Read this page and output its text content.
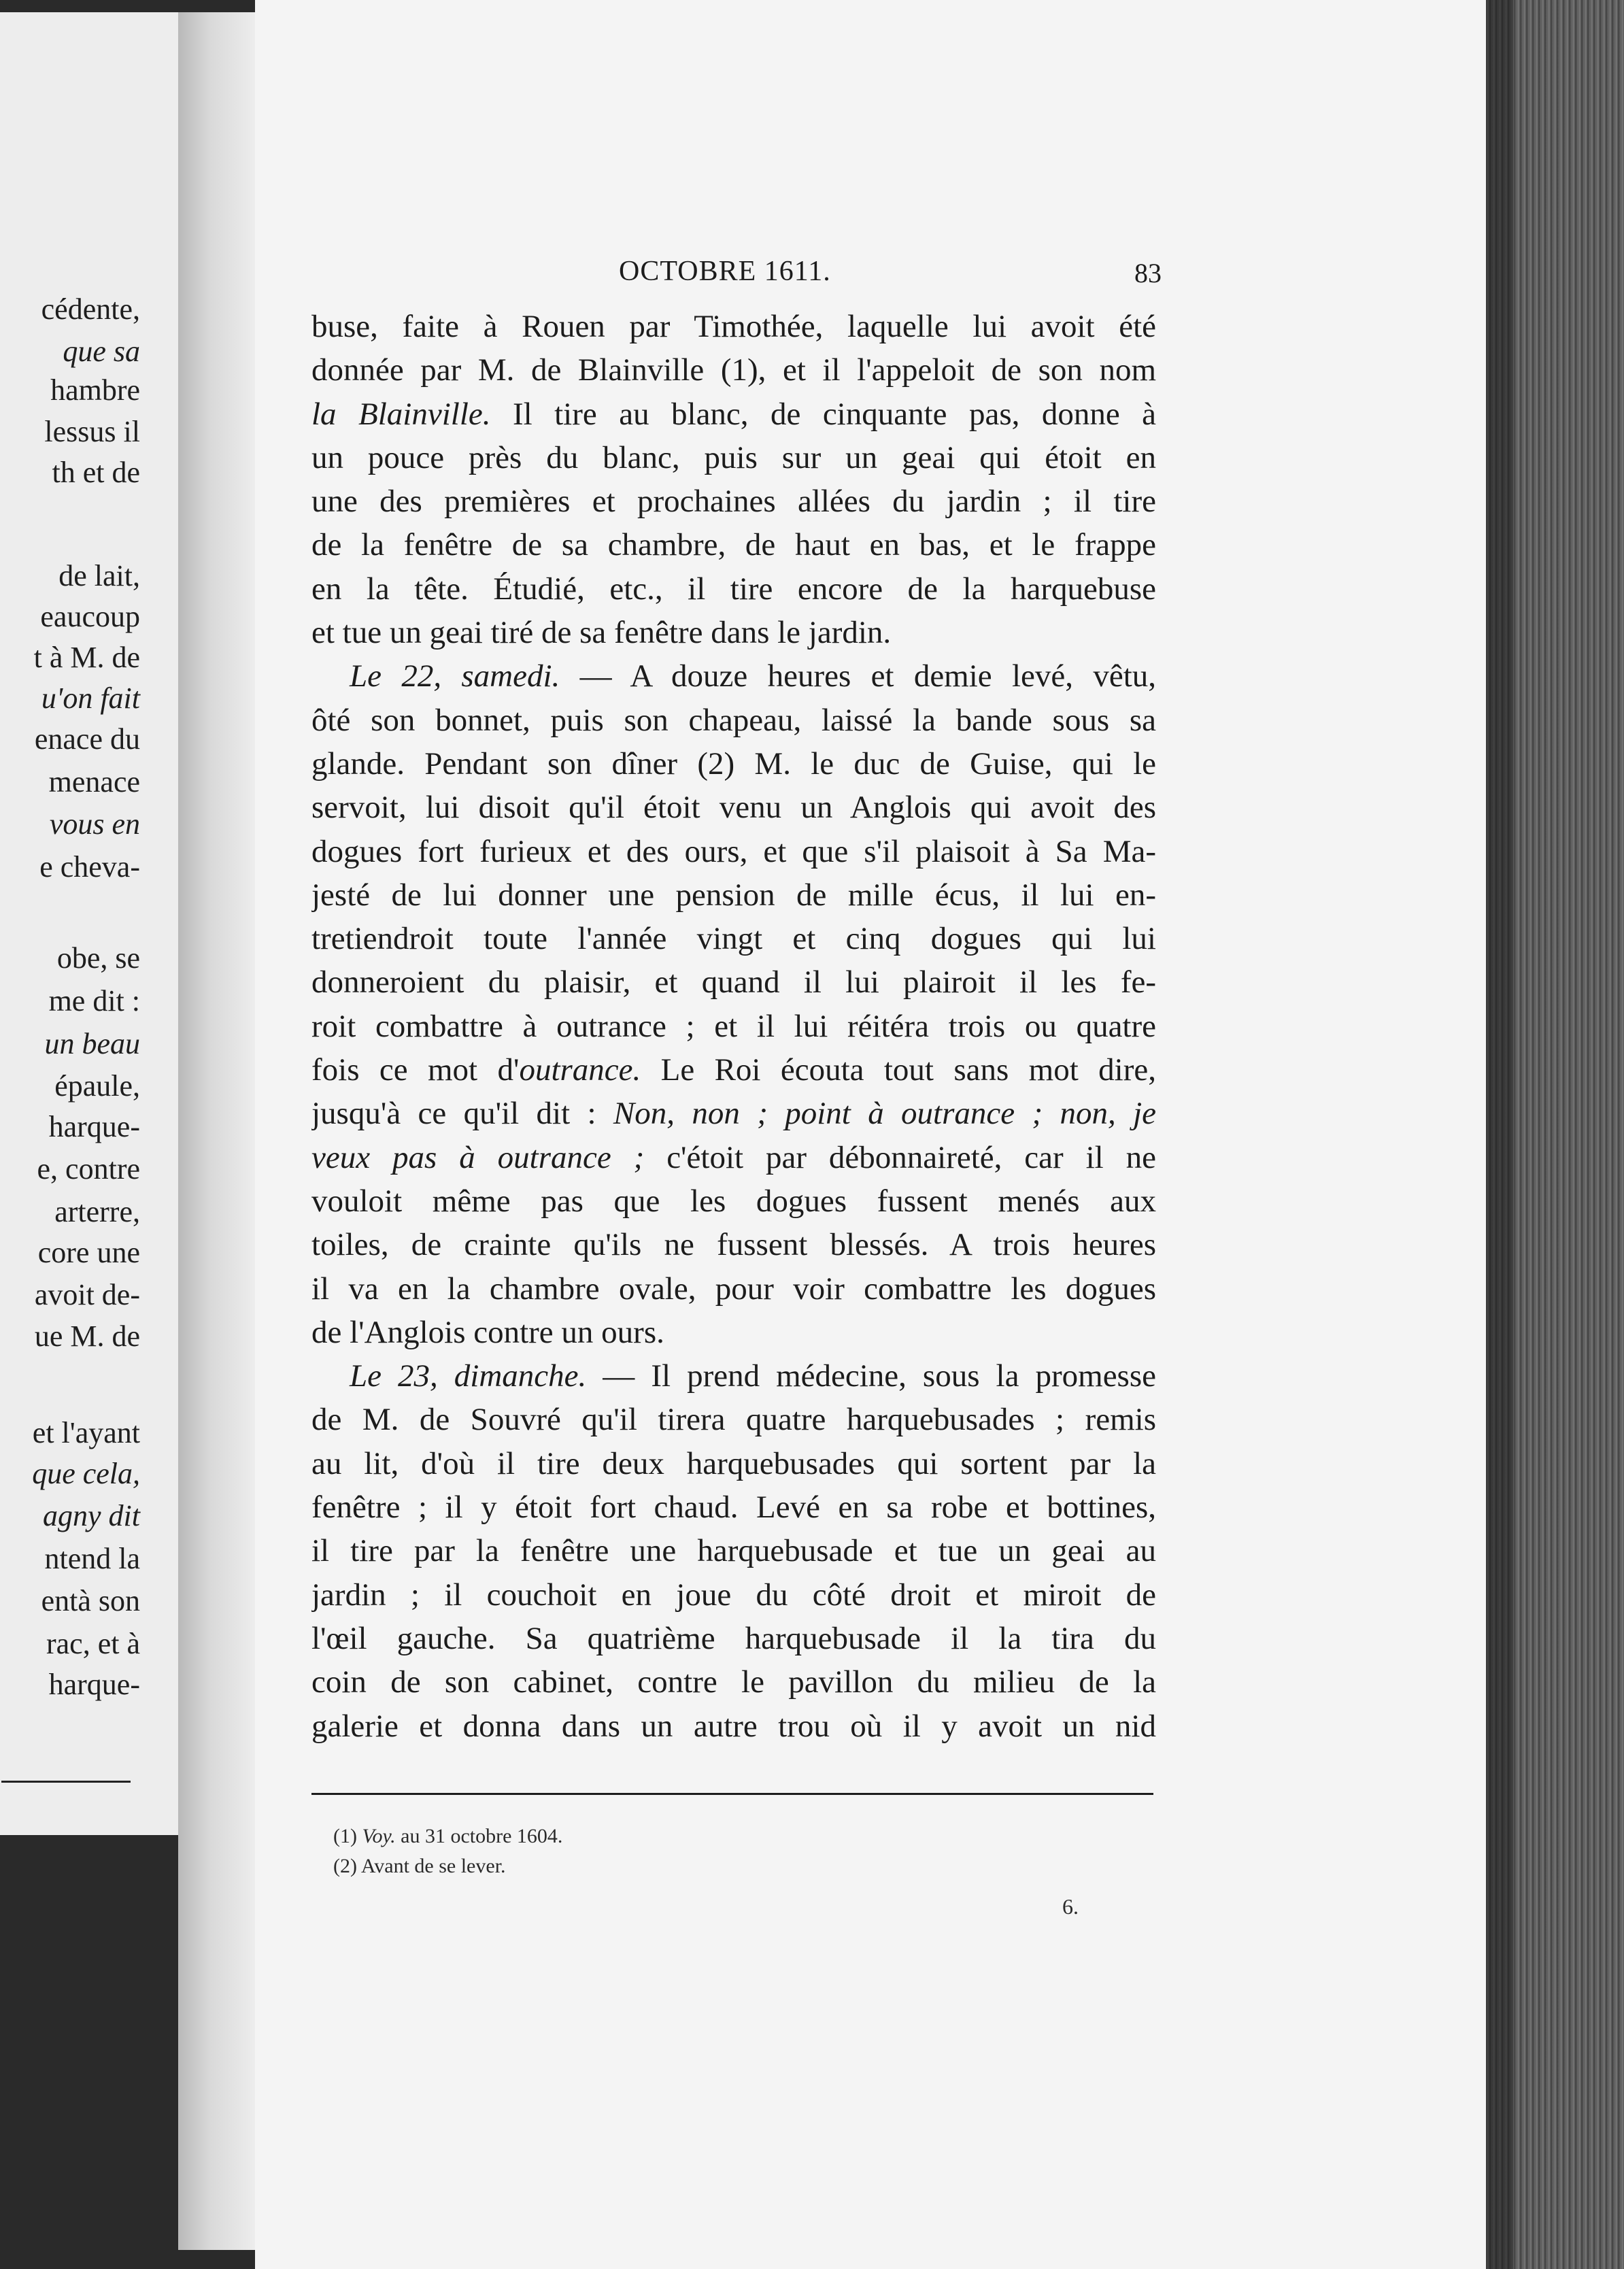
cédente,
que sa
hambre
lessus il
th et de
de lait,
eaucoup
t à M. de
u'on fait
enace du
menace
vous en
e cheva-
obe, se
me dit :
un beau
épaule,
harque-
e, contre
arterre,
core une
avoit de-
ue M. de
et l'ayant
que cela,
agny dit
ntend la
entà son
rac, et à
harque-
OCTOBRE 1611.	83
buse, faite à Rouen par Timothée, laquelle lui avoit été
donnée par M. de Blainville (1), et il l'appeloit de son nom
la Blainville. Il tire au blanc, de cinquante pas, donne à
un pouce près du blanc, puis sur un geai qui étoit en
une des premières et prochaines allées du jardin ; il tire
de la fenêtre de sa chambre, de haut en bas, et le frappe
en la tête. Étudié, etc., il tire encore de la harquebuse
et tue un geai tiré de sa fenêtre dans le jardin.
Le 22, samedi. — A douze heures et demie levé, vêtu,
ôté son bonnet, puis son chapeau, laissé la bande sous sa
glande. Pendant son dîner (2) M. le duc de Guise, qui le
servoit, lui disoit qu'il étoit venu un Anglois qui avoit des
dogues fort furieux et des ours, et que s'il plaisoit à Sa Ma-
jesté de lui donner une pension de mille écus, il lui en-
tretiendroit toute l'année vingt et cinq dogues qui lui
donneroient du plaisir, et quand il lui plairoit il les fe-
roit combattre à outrance ; et il lui réitéra trois ou quatre
fois ce mot d'outrance. Le Roi écouta tout sans mot dire,
jusqu'à ce qu'il dit : Non, non ; point à outrance ; non, je
veux pas à outrance ; c'étoit par débonnaireté, car il ne
vouloit même pas que les dogues fussent menés aux
toiles, de crainte qu'ils ne fussent blessés. A trois heures
il va en la chambre ovale, pour voir combattre les dogues
de l'Anglois contre un ours.
Le 23, dimanche. — Il prend médecine, sous la promesse
de M. de Souvré qu'il tirera quatre harquebusades ; remis
au lit, d'où il tire deux harquebusades qui sortent par la
fenêtre ; il y étoit fort chaud. Levé en sa robe et bottines,
il tire par la fenêtre une harquebusade et tue un geai au
jardin ; il couchoit en joue du côté droit et miroit de
l'œil gauche. Sa quatrième harquebusade il la tira du
coin de son cabinet, contre le pavillon du milieu de la
galerie et donna dans un autre trou où il y avoit un nid
(1) Voy. au 31 octobre 1604.
(2) Avant de se lever.
6.
